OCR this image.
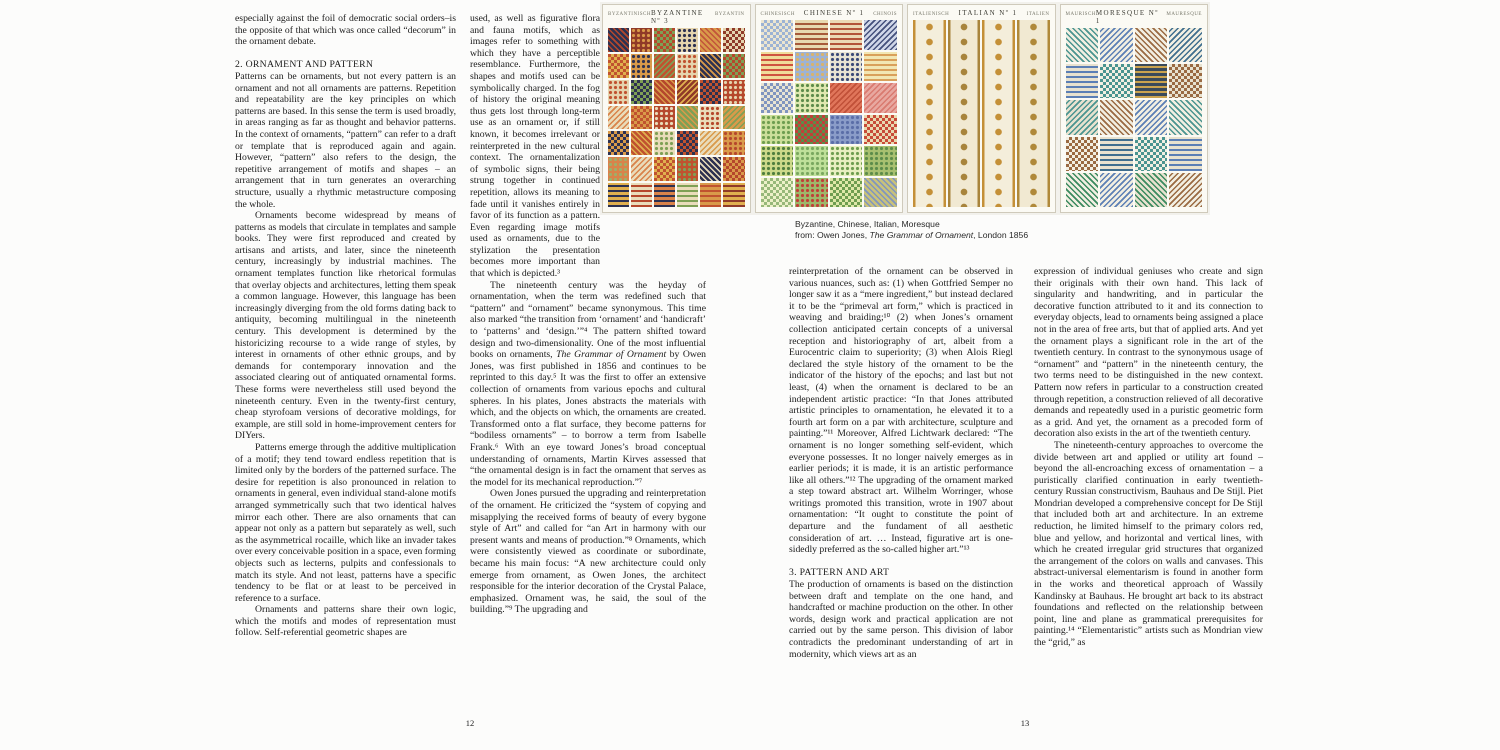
BYZANTINISCH BYZANTINE Nº 3
BYZANTIN	CHINESISCH CHINESE Nº 1 CHINOIS	ITALIENISCH ITALIAN Nº 1 ITALIEN	MAURISCH MORESQUE Nº 1
MAURESQUE

especially against the foil of democratic social orders–is the opposite of that which was once called “decorum” in the ornament debate.

2. ORNAMENT AND PATTERN

Patterns can be ornaments, but not every pattern is an ornament and not all ornaments are patterns. Repetition and repeatability are the key principles on which patterns are based. In this sense the term is used broadly, in areas ranging as far as thought and behavior patterns. In the context of ornaments, “pattern” can refer to a draft or template that is reproduced again and again. However, “pattern” also refers to the design, the repetitive arrangement of motifs and shapes – an arrangement that in turn generates an overarching structure, usually a rhythmic metastructure composing the whole.

Ornaments become widespread by means of patterns as models that circulate in templates and sample books. They were first reproduced and created by artisans and artists, and later, since the nineteenth century, increasingly by industrial machines. The ornament templates function like rhetorical formulas that overlay objects and architectures, letting them speak a common language. However, this language has been increasingly diverging from the old forms dating back to antiquity, becoming multilingual in the nineteenth century. This development is determined by the historicizing recourse to a wide range of styles, by interest in ornaments of other ethnic groups, and by demands for contemporary innovation and the associated clearing out of antiquated ornamental forms. These forms were nevertheless still used beyond the nineteenth century. Even in the twenty-first century, cheap styrofoam versions of decorative moldings, for example, are still sold in home-improvement centers for DIYers.

Patterns emerge through the additive multiplication of a motif; they tend toward endless repetition that is limited only by the borders of the patterned surface. The desire for repetition is also pronounced in relation to ornaments in general, even individual stand-alone motifs arranged symmetrically such that two identical halves mirror each other. There are also ornaments that can appear not only as a pattern but separately as well, such as the asymmetrical rocaille, which like an invader takes over every conceivable position in a space, even forming objects such as lecterns, pulpits and confessionals to match its style. And not least, patterns have a specific tendency to be flat or at least to be perceived in reference to a surface.

Ornaments and patterns share their own logic, which the motifs and modes of representation must follow. Self-referential geometric shapes are

used, as well as figurative flora and fauna motifs, which as images refer to something with which they have a perceptible resemblance. Furthermore, the shapes and motifs used can be symbolically charged. In the fog of history the original meaning thus gets lost through long-term use as an ornament or, if still known, it becomes irrelevant or reinterpreted in the new cultural context. The ornamentalization of symbolic signs, their being strung together in continued repetition, allows its meaning to fade until it vanishes entirely in favor of its function as a pattern. Even regarding image motifs used as ornaments, due to the stylization the presentation becomes more important than that which is depicted.³

The nineteenth century was the heyday of ornamentation, when the term was redefined such that “pattern” and “ornament” became synonymous. This time also marked “the transition from ‘ornament’ and ‘handicraft’ to ‘patterns’ and ‘design.’”⁴ The pattern shifted toward design and two-dimensionality. One of the most influential books on ornaments, The Grammar of Ornament by Owen Jones, was first published in 1856 and continues to be reprinted to this day.⁵ It was the first to offer an extensive collection of ornaments from various epochs and cultural spheres. In his plates, Jones abstracts the materials with which, and the objects on which, the ornaments are created. Transformed onto a flat surface, they become patterns for “bodiless ornaments” – to borrow a term from Isabelle Frank.⁶ With an eye toward Jones’s broad conceptual understanding of ornaments, Martin Kirves assessed that “the ornamental design is in fact the ornament that serves as the model for its mechanical reproduction.”⁷

Owen Jones pursued the upgrading and reinterpretation of the ornament. He criticized the “system of copying and misapplying the received forms of beauty of every bygone style of Art” and called for “an Art in harmony with our present wants and means of production.”⁸ Ornaments, which were consistently viewed as coordinate or subordinate, became his main focus: “A new architecture could only emerge from ornament, as Owen Jones, the architect responsible for the interior decoration of the Crystal Palace, emphasized. Ornament was, he said, the soul of the building.”⁹ The upgrading and

Byzantine, Chinese, Italian, Moresque
from: Owen Jones, The Grammar of Ornament, London 1856

reinterpretation of the ornament can be observed in various nuances, such as: (1) when Gottfried Semper no longer saw it as a “mere ingredient,” but instead declared it to be the “primeval art form,” which is practiced in weaving and braiding;¹⁰ (2) when Jones’s ornament collection anticipated certain concepts of a universal reception and historiography of art, albeit from a Eurocentric claim to superiority; (3) when Alois Riegl declared the style history of the ornament to be the indicator of the history of the epochs; and last but not least, (4) when the ornament is declared to be an independent artistic practice: “In that Jones attributed artistic principles to ornamentation, he elevated it to a fourth art form on a par with architecture, sculpture and painting.”¹¹ Moreover, Alfred Lichtwark declared: “The ornament is no longer something self-evident, which everyone possesses. It no longer naively emerges as in earlier periods; it is made, it is an artistic performance like all others.”¹² The upgrading of the ornament marked a step toward abstract art. Wilhelm Worringer, whose writings promoted this transition, wrote in 1907 about ornamentation: “It ought to constitute the point of departure and the fundament of all aesthetic consideration of art. … Instead, figurative art is one-sidedly preferred as the so-called higher art.”¹³

3. PATTERN AND ART

The production of ornaments is based on the distinction between draft and template on the one hand, and handcrafted or machine production on the other. In other words, design work and practical application are not carried out by the same person. This division of labor contradicts the predominant understanding of art in modernity, which views art as an

expression of individual geniuses who create and sign their originals with their own hand. This lack of singularity and handwriting, and in particular the decorative function attributed to it and its connection to everyday objects, lead to ornaments being assigned a place not in the area of free arts, but that of applied arts. And yet the ornament plays a significant role in the art of the twentieth century. In contrast to the synonymous usage of “ornament” and “pattern” in the nineteenth century, the two terms need to be distinguished in the new context. Pattern now refers in particular to a construction created through repetition, a construction relieved of all decorative demands and repeatedly used in a puristic geometric form as a grid. And yet, the ornament as a precoded form of decoration also exists in the art of the twentieth century.

The nineteenth-century approaches to overcome the divide between art and applied or utility art found – beyond the all-encroaching excess of ornamentation – a puristically clarified continuation in early twentieth-century Russian constructivism, Bauhaus and De Stijl. Piet Mondrian developed a comprehensive concept for De Stijl that included both art and architecture. In an extreme reduction, he limited himself to the primary colors red, blue and yellow, and horizontal and vertical lines, with which he created irregular grid structures that organized the arrangement of the colors on walls and canvases. This abstract-universal elementarism is found in another form in the works and theoretical approach of Wassily Kandinsky at Bauhaus. He brought art back to its abstract foundations and reflected on the relationship between point, line and plane as grammatical prerequisites for painting.¹⁴ “Elementaristic” artists such as Mondrian view the “grid,” as

12	13
